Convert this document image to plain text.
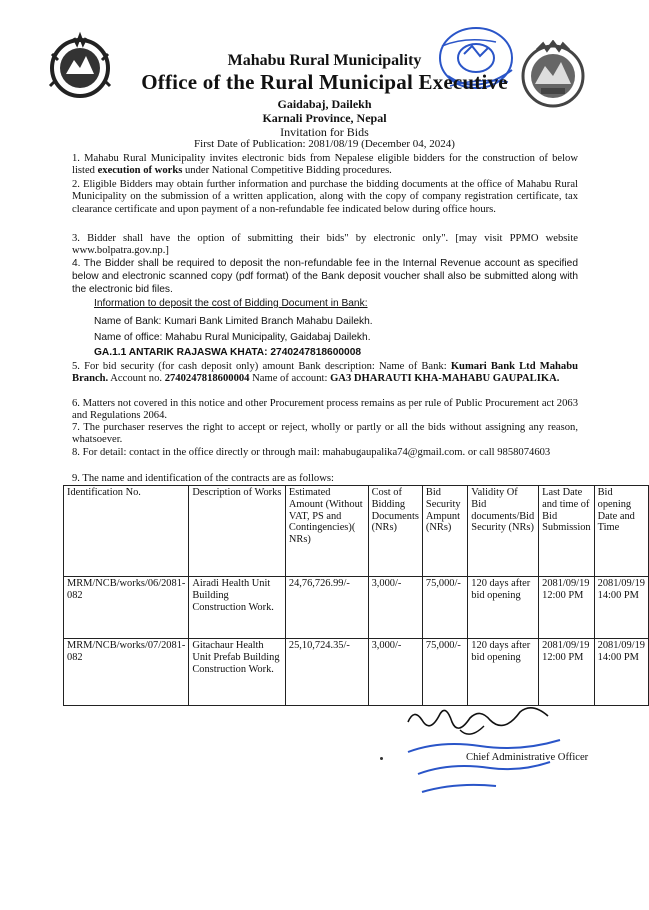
Mahabu Rural Municipality
Office of the Rural Municipal Executive
Gaidabaj, Dailekh
Karnali Province, Nepal
Invitation for Bids
First Date of Publication: 2081/08/19 (December 04, 2024)
1. Mahabu Rural Municipality invites electronic bids from Nepalese eligible bidders for the construction of below listed execution of works under National Competitive Bidding procedures.
2. Eligible Bidders may obtain further information and purchase the bidding documents at the office of Mahabu Rural Municipality on the submission of a written application, along with the copy of company registration certificate, tax clearance certificate and upon payment of a non-refundable fee indicated below during office hours.
3. Bidder shall have the option of submitting their bids" by electronic only". [may visit PPMO website www.bolpatra.gov.np.]
4. The Bidder shall be required to deposit the non-refundable fee in the Internal Revenue account as specified below and electronic scanned copy (pdf format) of the Bank deposit voucher shall also be submitted along with the electronic bid files.
Information to deposit the cost of Bidding Document in Bank:
Name of Bank: Kumari Bank Limited Branch Mahabu Dailekh.
Name of office: Mahabu Rural Municipality, Gaidabaj Dailekh.
GA.1.1 ANTARIK RAJASWA KHATA: 2740247818600008
5. For bid security (for cash deposit only) amount Bank description: Name of Bank: Kumari Bank Ltd Mahabu Branch. Account no. 2740247818600004 Name of account: GA3 DHARAUTI KHA-MAHABU GAUPALIKA.
6. Matters not covered in this notice and other Procurement process remains as per rule of Public Procurement act 2063 and Regulations 2064.
7. The purchaser reserves the right to accept or reject, wholly or partly or all the bids without assigning any reason, whatsoever.
8. For detail: contact in the office directly or through mail: mahabugaupalika74@gmail.com. or call 9858074603
9. The name and identification of the contracts are as follows:
Identification No.	Description of Works	Estimated Amount (Without VAT, PS and Contingencies)( NRs)	Cost of Bidding Documents (NRs)	Bid Security Ampunt (NRs)	Validity Of Bid documents/Bid Security (NRs)	Last Date and time of Bid Submission	Bid opening Date and Time
MRM/NCB/works/06/2081-082	Airadi Health Unit Building Construction Work.	24,76,726.99/-	3,000/-	75,000/-	120 days after bid opening	2081/09/19 12:00 PM	2081/09/19 14:00 PM
MRM/NCB/works/07/2081-082	Gitachaur Health Unit Prefab Building Construction Work.	25,10,724.35/-	3,000/-	75,000/-	120 days after bid opening	2081/09/19 12:00 PM	2081/09/19 14:00 PM
Chief Administrative Officer
